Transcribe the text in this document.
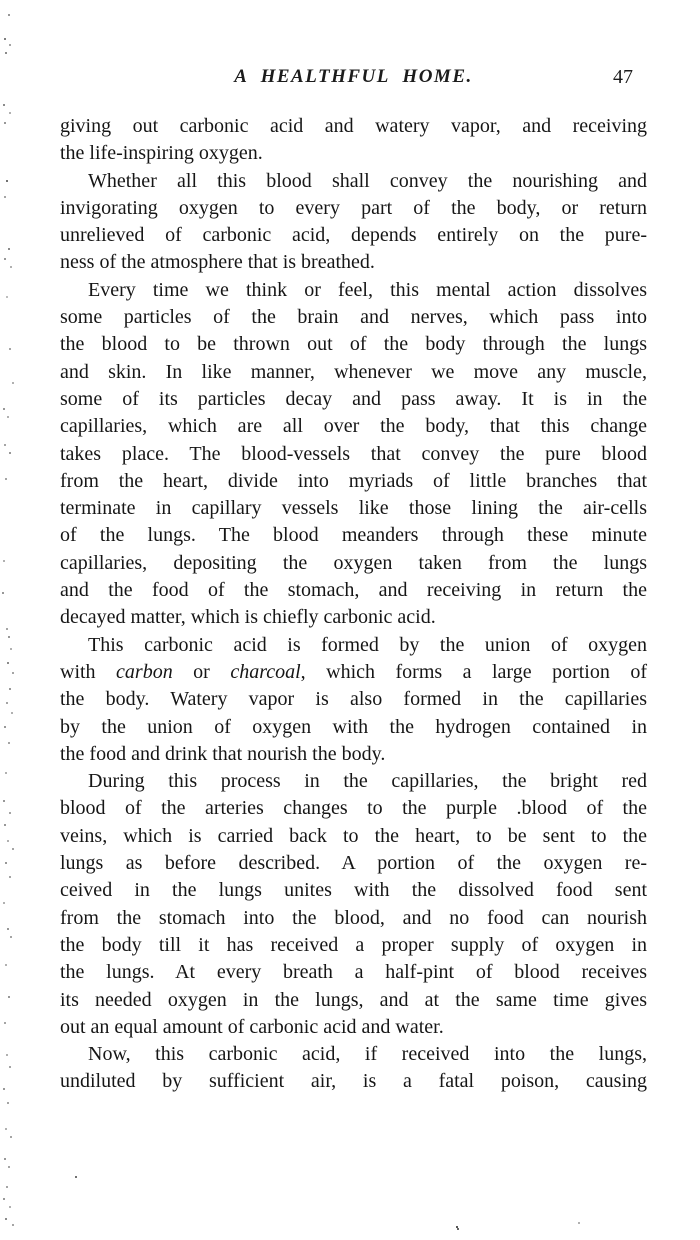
A HEALTHFUL HOME.	47
giving out carbonic acid and watery vapor, and receiving
the life-inspiring oxygen.
Whether all this blood shall convey the nourishing and
invigorating oxygen to every part of the body, or return
unrelieved of carbonic acid, depends entirely on the pure-
ness of the atmosphere that is breathed.
Every time we think or feel, this mental action dissolves
some particles of the brain and nerves, which pass into
the blood to be thrown out of the body through the lungs
and skin. In like manner, whenever we move any muscle,
some of its particles decay and pass away. It is in the
capillaries, which are all over the body, that this change
takes place. The blood-vessels that convey the pure blood
from the heart, divide into myriads of little branches that
terminate in capillary vessels like those lining the air-cells
of the lungs. The blood meanders through these minute
capillaries, depositing the oxygen taken from the lungs
and the food of the stomach, and receiving in return the
decayed matter, which is chiefly carbonic acid.
This carbonic acid is formed by the union of oxygen
with carbon or charcoal, which forms a large portion of
the body. Watery vapor is also formed in the capillaries
by the union of oxygen with the hydrogen contained in
the food and drink that nourish the body.
During this process in the capillaries, the bright red
blood of the arteries changes to the purple .blood of the
veins, which is carried back to the heart, to be sent to the
lungs as before described. A portion of the oxygen re-
ceived in the lungs unites with the dissolved food sent
from the stomach into the blood, and no food can nourish
the body till it has received a proper supply of oxygen in
the lungs. At every breath a half-pint of blood receives
its needed oxygen in the lungs, and at the same time gives
out an equal amount of carbonic acid and water.
Now, this carbonic acid, if received into the lungs,
undiluted by sufficient air, is a fatal poison, causing
